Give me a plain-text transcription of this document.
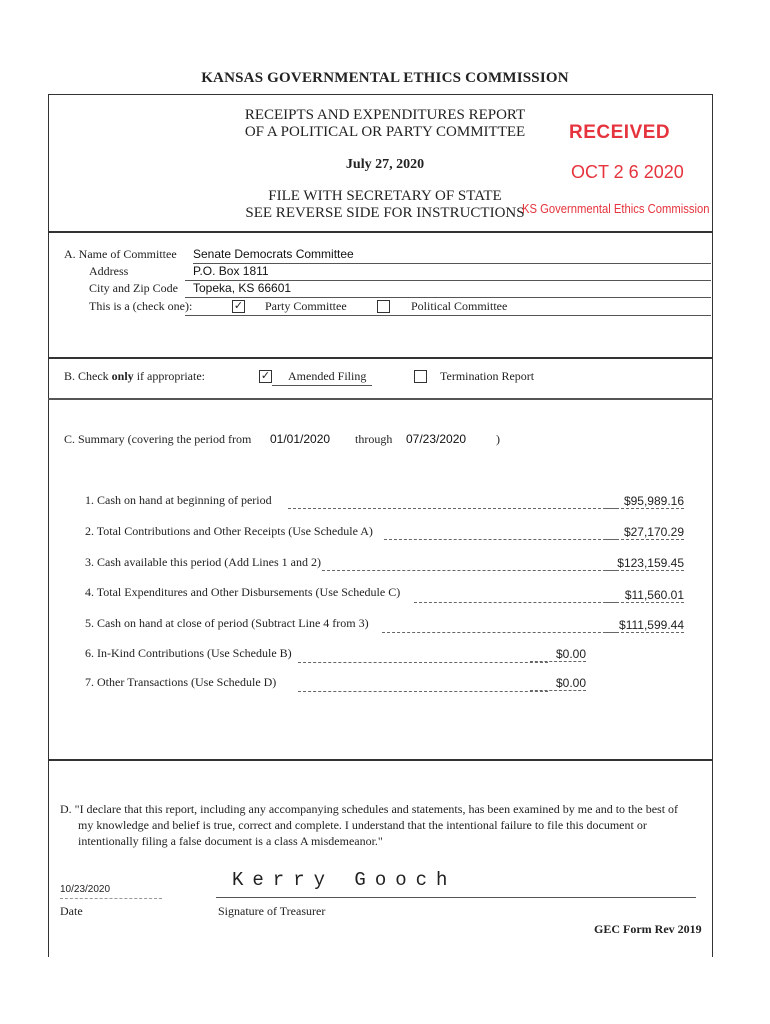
KANSAS GOVERNMENTAL ETHICS COMMISSION
RECEIPTS AND EXPENDITURES REPORT
OF A POLITICAL OR PARTY COMMITTEE
July 27, 2020
FILE WITH SECRETARY OF STATE
SEE REVERSE SIDE FOR INSTRUCTIONS
RECEIVED
OCT 2 6 2020
KS Governmental Ethics Commission
A. Name of Committee Senate Democrats Committee
Address	P.O. Box 1811
City and Zip Code Topeka, KS 66601
This is a (check one):	✓ Party Committee	Political Committee
B. Check only if appropriate:	✓ Amended Filing	Termination Report
C. Summary (covering the period from 01/01/2020 through 07/23/2020 )
1. Cash on hand at beginning of period	$95,989.16
2. Total Contributions and Other Receipts (Use Schedule A)	$27,170.29
3. Cash available this period (Add Lines 1 and 2)	$123,159.45
4. Total Expenditures and Other Disbursements (Use Schedule C)	$11,560.01
5. Cash on hand at close of period (Subtract Line 4 from 3)	$111,599.44
6. In-Kind Contributions (Use Schedule B)	$0.00
7. Other Transactions (Use Schedule D)	$0.00
D. "I declare that this report, including any accompanying schedules and statements, has been examined by me and to the best of
my knowledge and belief is true, correct and complete. I understand that the intentional failure to file this document or
intentionally filing a false document is a class A misdemeanor."
10/23/2020
Date
Kerry Gooch
Signature of Treasurer
GEC Form Rev 2019
